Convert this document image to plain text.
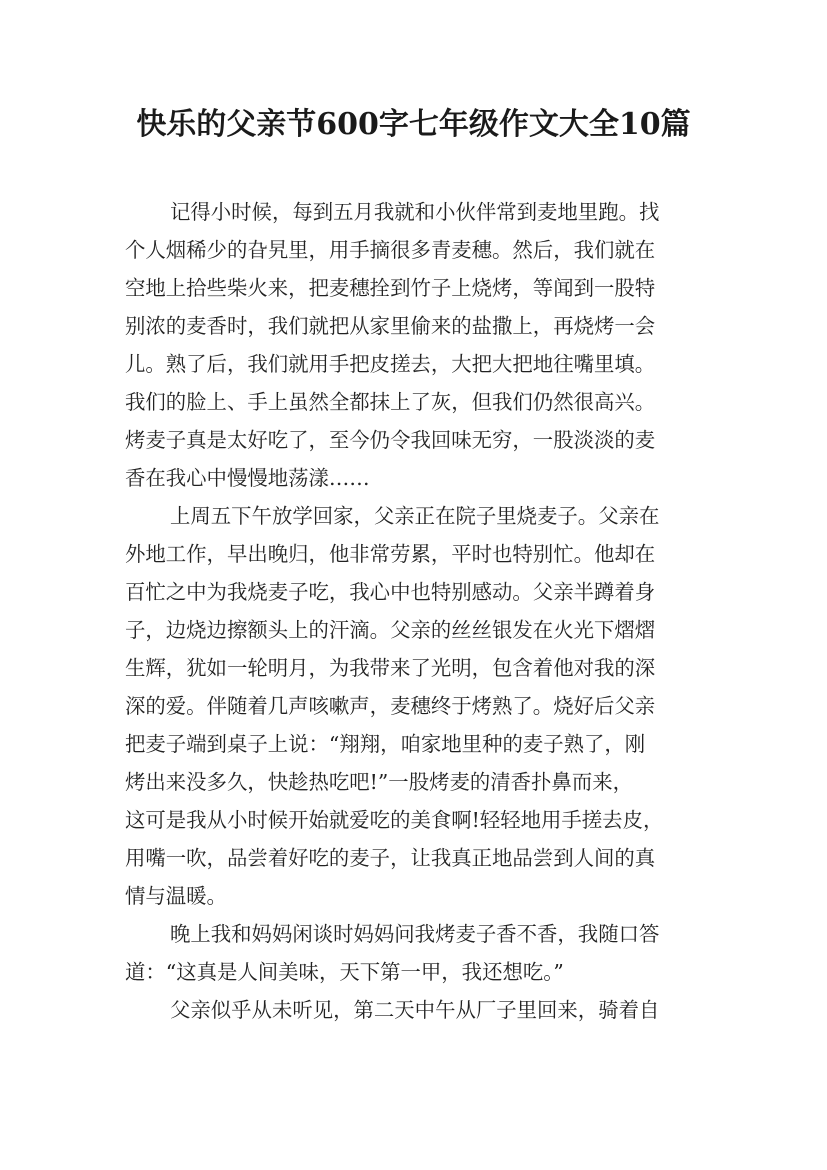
快乐的父亲节600字七年级作文大全10篇
记得小时候，每到五月我就和小伙伴常到麦地里跑。找
个人烟稀少的旮旯里，用手摘很多青麦穗。然后，我们就在
空地上拾些柴火来，把麦穗拴到竹子上烧烤，等闻到一股特
别浓的麦香时，我们就把从家里偷来的盐撒上，再烧烤一会
儿。熟了后，我们就用手把皮搓去，大把大把地往嘴里填。
我们的脸上、手上虽然全都抹上了灰，但我们仍然很高兴。
烤麦子真是太好吃了，至今仍令我回味无穷，一股淡淡的麦
香在我心中慢慢地荡漾……
上周五下午放学回家，父亲正在院子里烧麦子。父亲在
外地工作，早出晚归，他非常劳累，平时也特别忙。他却在
百忙之中为我烧麦子吃，我心中也特别感动。父亲半蹲着身
子，边烧边擦额头上的汗滴。父亲的丝丝银发在火光下熠熠
生辉，犹如一轮明月，为我带来了光明，包含着他对我的深
深的爱。伴随着几声咳嗽声，麦穗终于烤熟了。烧好后父亲
把麦子端到桌子上说：“翔翔，咱家地里种的麦子熟了，刚
烤出来没多久，快趁热吃吧!”一股烤麦的清香扑鼻而来，
这可是我从小时候开始就爱吃的美食啊!轻轻地用手搓去皮，
用嘴一吹，品尝着好吃的麦子，让我真正地品尝到人间的真
情与温暖。
晚上我和妈妈闲谈时妈妈问我烤麦子香不香，我随口答
道：“这真是人间美味，天下第一甲，我还想吃。”
父亲似乎从未听见，第二天中午从厂子里回来，骑着自
